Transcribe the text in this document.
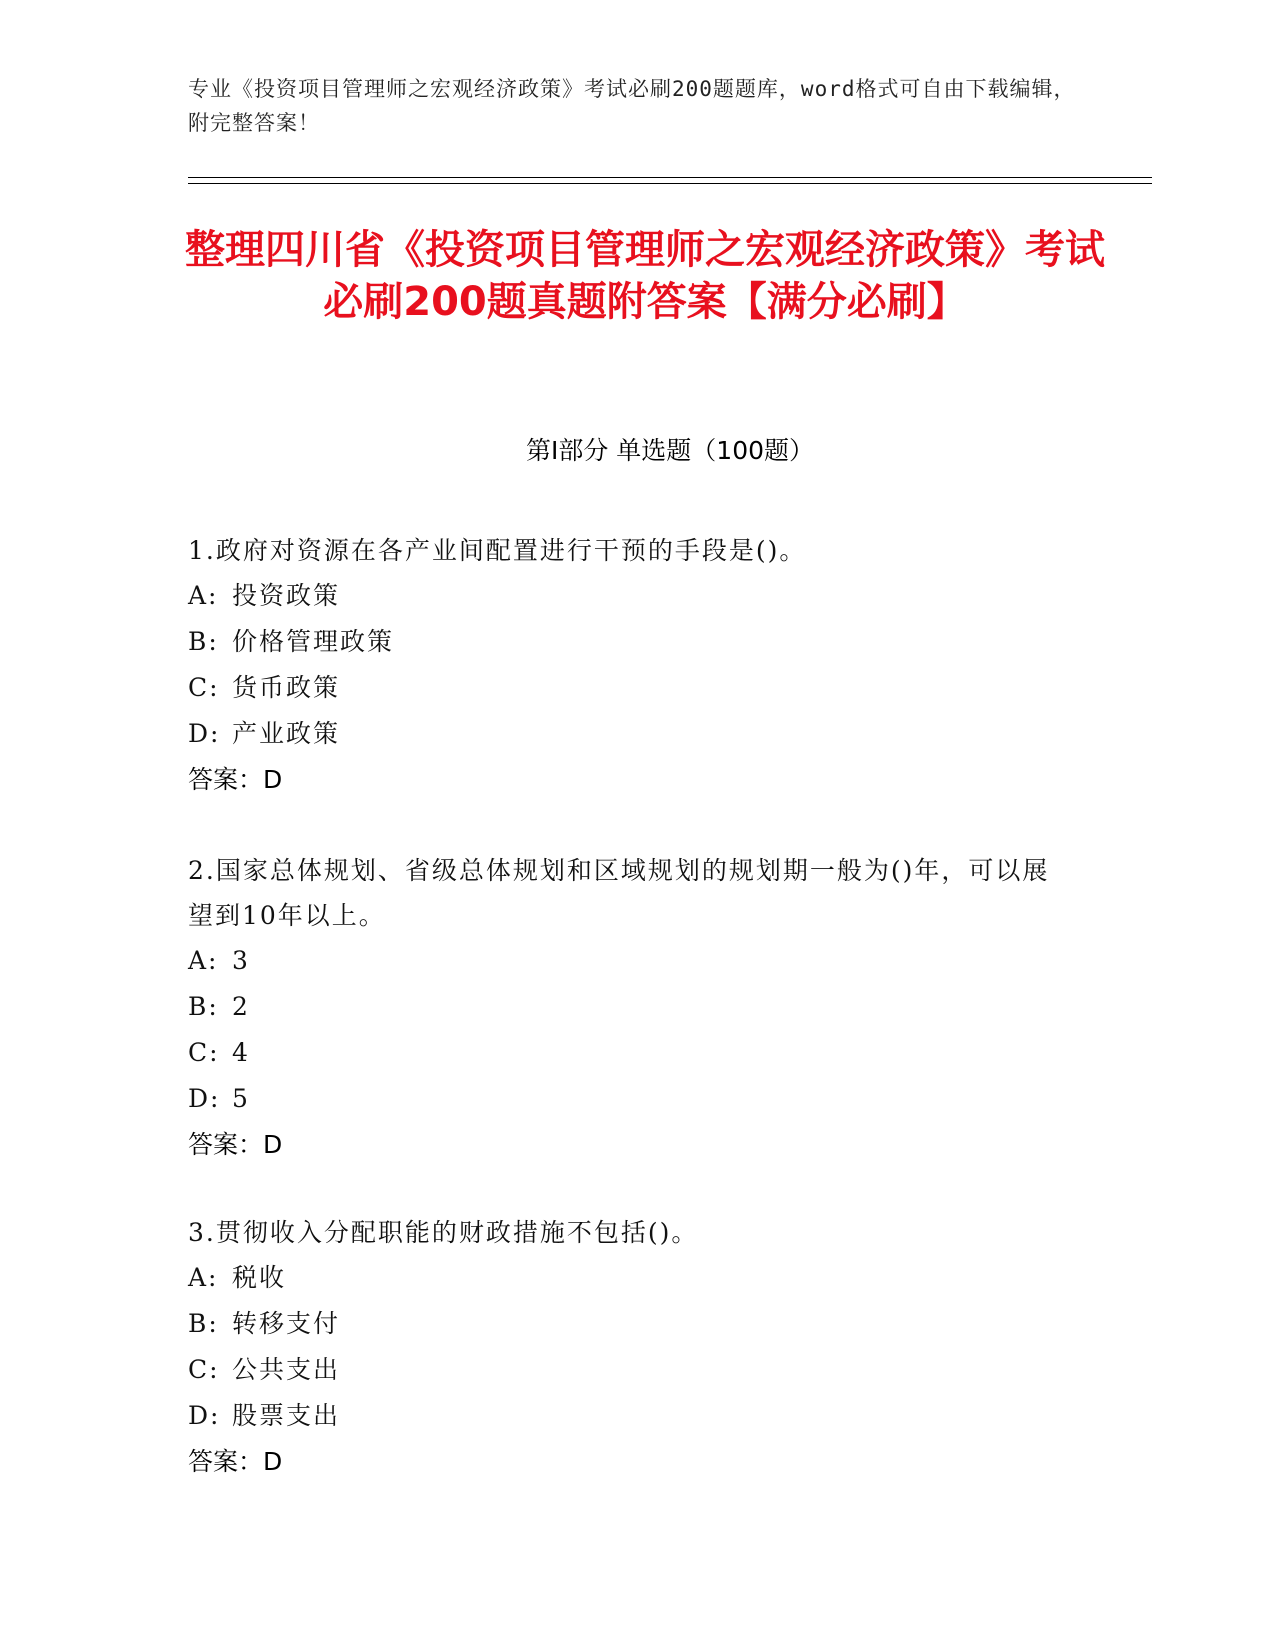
专业《投资项目管理师之宏观经济政策》考试必刷200题题库，word格式可自由下载编辑，附完整答案！
整理四川省《投资项目管理师之宏观经济政策》考试必刷200题真题附答案【满分必刷】
第I部分 单选题（100题）

1.政府对资源在各产业间配置进行干预的手段是()。

A: 投资政策

B: 价格管理政策

C: 货币政策

D: 产业政策

答案：D

2.国家总体规划、省级总体规划和区域规划的规划期一般为()年，可以展望到10年以上。

A: 3

B: 2

C: 4

D: 5

答案：D

3.贯彻收入分配职能的财政措施不包括()。

A: 税收

B: 转移支付

C: 公共支出

D: 股票支出

答案：D
